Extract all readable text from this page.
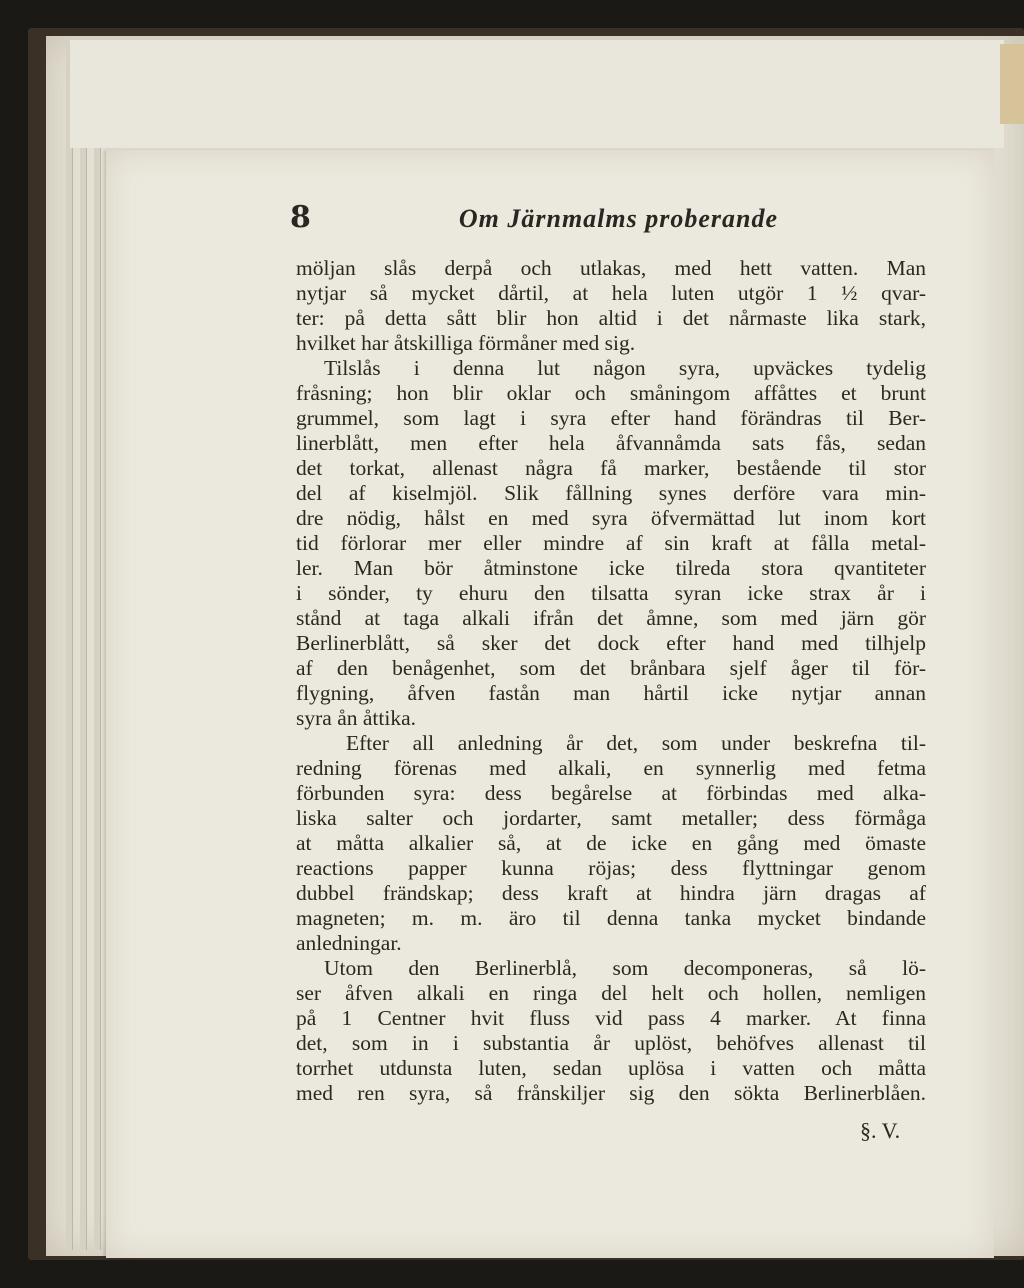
8	Om Järnmalms proberande
möljan slås derpå och utlakas, med hett vatten. Man
nytjar så mycket dårtil, at hela luten utgör 1 ½ qvar-
ter: på detta sått blir hon altid i det nårmaste lika stark,
hvilket har åtskilliga förmåner med sig.
Tilslås i denna lut någon syra, upväckes tydelig
fråsning; hon blir oklar och småningom affåttes et brunt
grummel, som lagt i syra efter hand förändras til Ber-
linerblått, men efter hela åfvannåmda sats fås, sedan
det torkat, allenast några få marker, bestående til stor
del af kiselmjöl. Slik fållning synes derföre vara min-
dre nödig, hålst en med syra öfvermättad lut inom kort
tid förlorar mer eller mindre af sin kraft at fålla metal-
ler. Man bör åtminstone icke tilreda stora qvantiteter
i sönder, ty ehuru den tilsatta syran icke strax år i
stånd at taga alkali ifrån det åmne, som med järn gör
Berlinerblått, så sker det dock efter hand med tilhjelp
af den benågenhet, som det brånbara sjelf åger til för-
flygning, åfven fastån man hårtil icke nytjar annan
syra ån åttika.
Efter all anledning år det, som under beskrefna til-
redning förenas med alkali, en synnerlig med fetma
förbunden syra: dess begårelse at förbindas med alka-
liska salter och jordarter, samt metaller; dess förmåga
at måtta alkalier så, at de icke en gång med ömaste
reactions papper kunna röjas; dess flyttningar genom
dubbel frändskap; dess kraft at hindra järn dragas af
magneten; m. m. äro til denna tanka mycket bindande
anledningar.
Utom den Berlinerblå, som decomponeras, så lö-
ser åfven alkali en ringa del helt och hollen, nemligen
på 1 Centner hvit fluss vid pass 4 marker. At finna
det, som in i substantia år uplöst, behöfves allenast til
torrhet utdunsta luten, sedan uplösa i vatten och måtta
med ren syra, så frånskiljer sig den sökta Berlinerblåen.
§. V.
